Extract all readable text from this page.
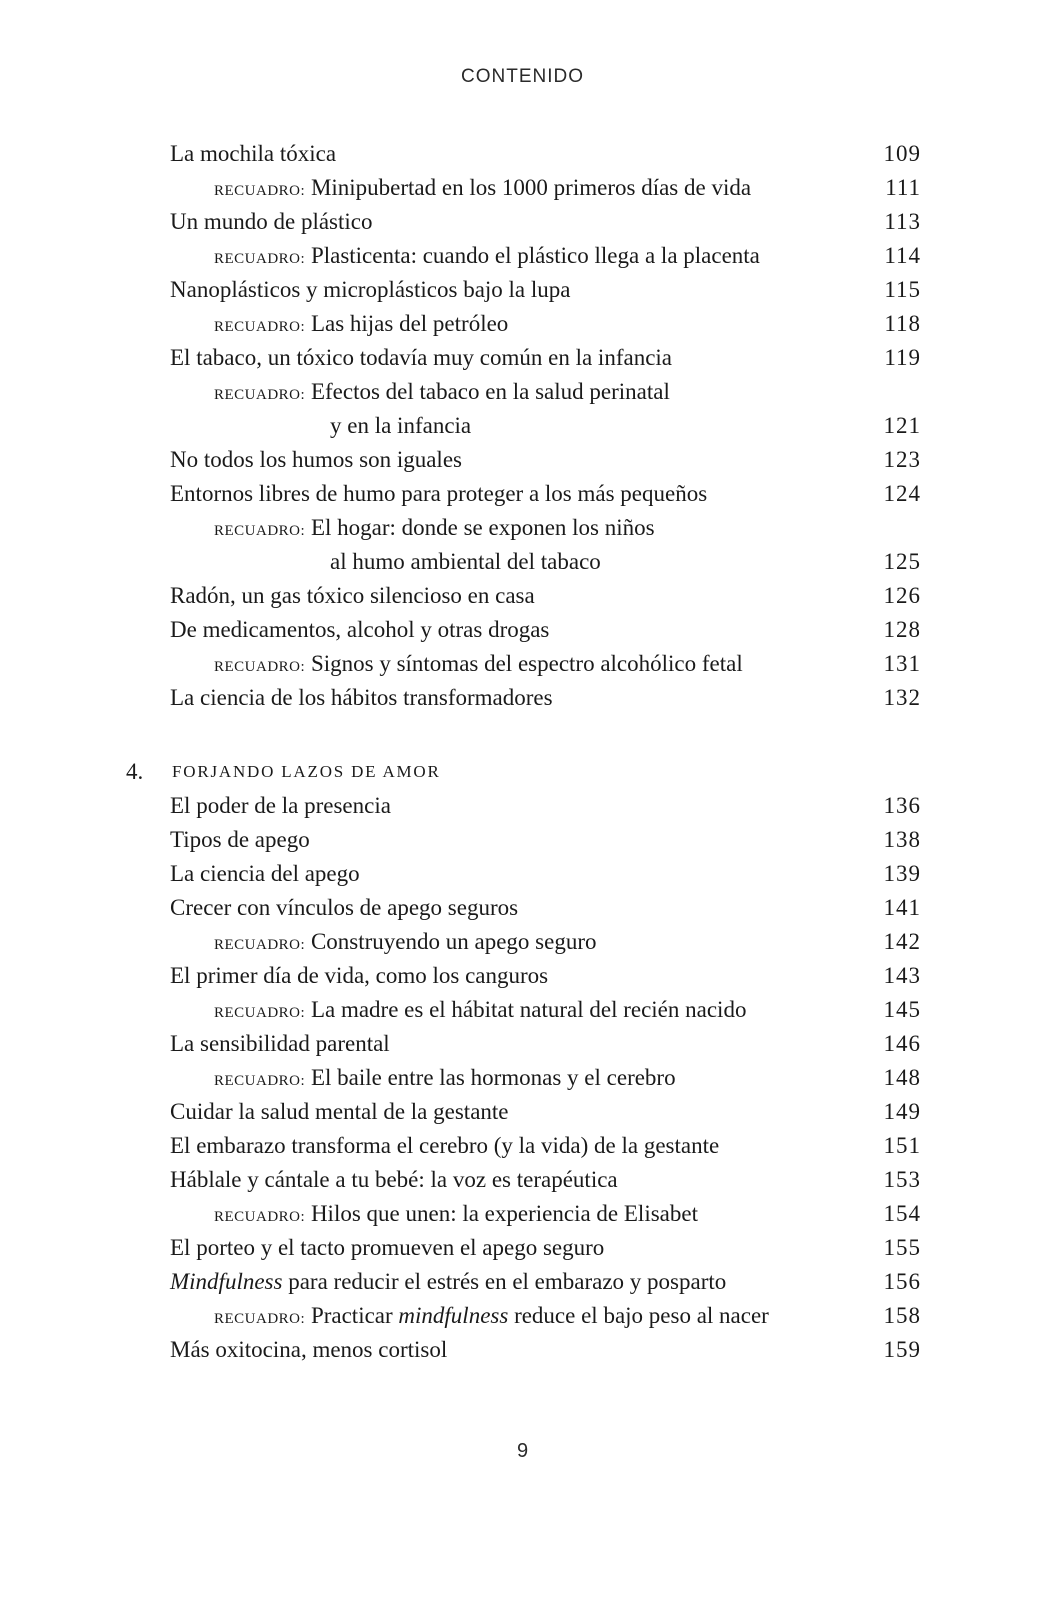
CONTENIDO
La mochila tóxica	109
RECUADRO: Minipubertad en los 1000 primeros días de vida	111
Un mundo de plástico	113
RECUADRO: Plasticenta: cuando el plástico llega a la placenta	114
Nanoplásticos y microplásticos bajo la lupa	115
RECUADRO: Las hijas del petróleo	118
El tabaco, un tóxico todavía muy común en la infancia	119
RECUADRO: Efectos del tabaco en la salud perinatal
y en la infancia	121
No todos los humos son iguales	123
Entornos libres de humo para proteger a los más pequeños	124
RECUADRO: El hogar: donde se exponen los niños
al humo ambiental del tabaco	125
Radón, un gas tóxico silencioso en casa	126
De medicamentos, alcohol y otras drogas	128
RECUADRO: Signos y síntomas del espectro alcohólico fetal	131
La ciencia de los hábitos transformadores	132
4. FORJANDO LAZOS DE AMOR
El poder de la presencia	136
Tipos de apego	138
La ciencia del apego	139
Crecer con vínculos de apego seguros	141
RECUADRO: Construyendo un apego seguro	142
El primer día de vida, como los canguros	143
RECUADRO: La madre es el hábitat natural del recién nacido	145
La sensibilidad parental	146
RECUADRO: El baile entre las hormonas y el cerebro	148
Cuidar la salud mental de la gestante	149
El embarazo transforma el cerebro (y la vida) de la gestante	151
Háblale y cántale a tu bebé: la voz es terapéutica	153
RECUADRO: Hilos que unen: la experiencia de Elisabet	154
El porteo y el tacto promueven el apego seguro	155
Mindfulness para reducir el estrés en el embarazo y posparto	156
RECUADRO: Practicar mindfulness reduce el bajo peso al nacer	158
Más oxitocina, menos cortisol	159
9
